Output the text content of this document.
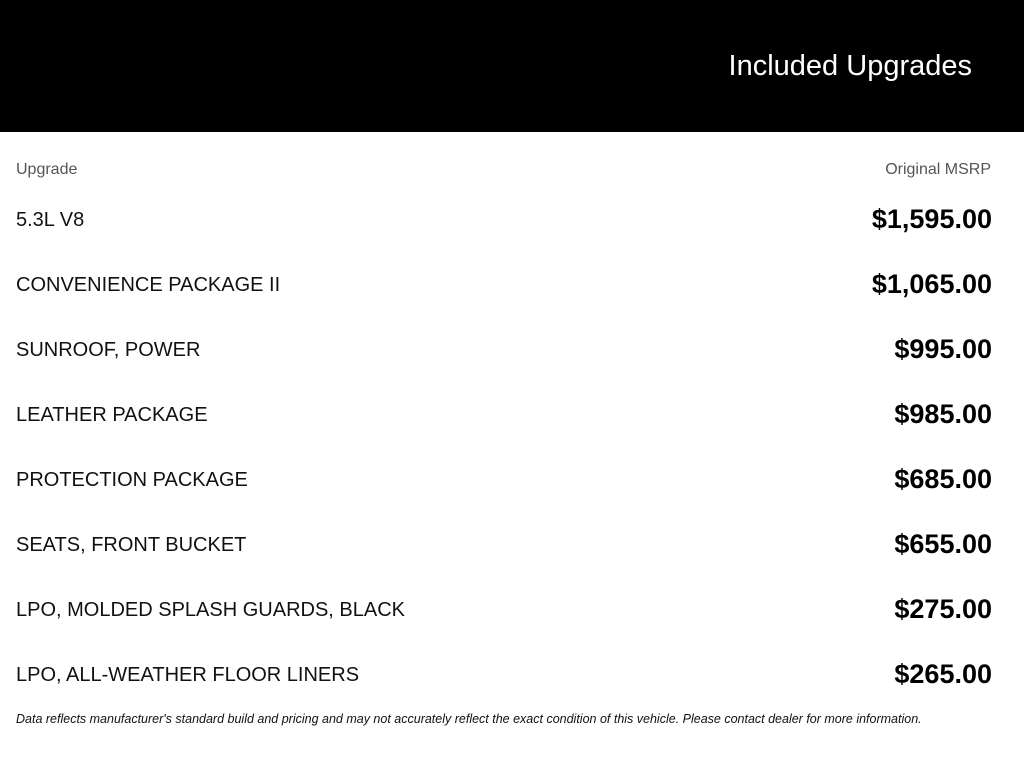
Included Upgrades
Upgrade	Original MSRP
5.3L V8	$1,595.00
CONVENIENCE PACKAGE II	$1,065.00
SUNROOF, POWER	$995.00
LEATHER PACKAGE	$985.00
PROTECTION PACKAGE	$685.00
SEATS, FRONT BUCKET	$655.00
LPO, MOLDED SPLASH GUARDS, BLACK	$275.00
LPO, ALL-WEATHER FLOOR LINERS	$265.00
Data reflects manufacturer's standard build and pricing and may not accurately reflect the exact condition of this vehicle. Please contact dealer for more information.
